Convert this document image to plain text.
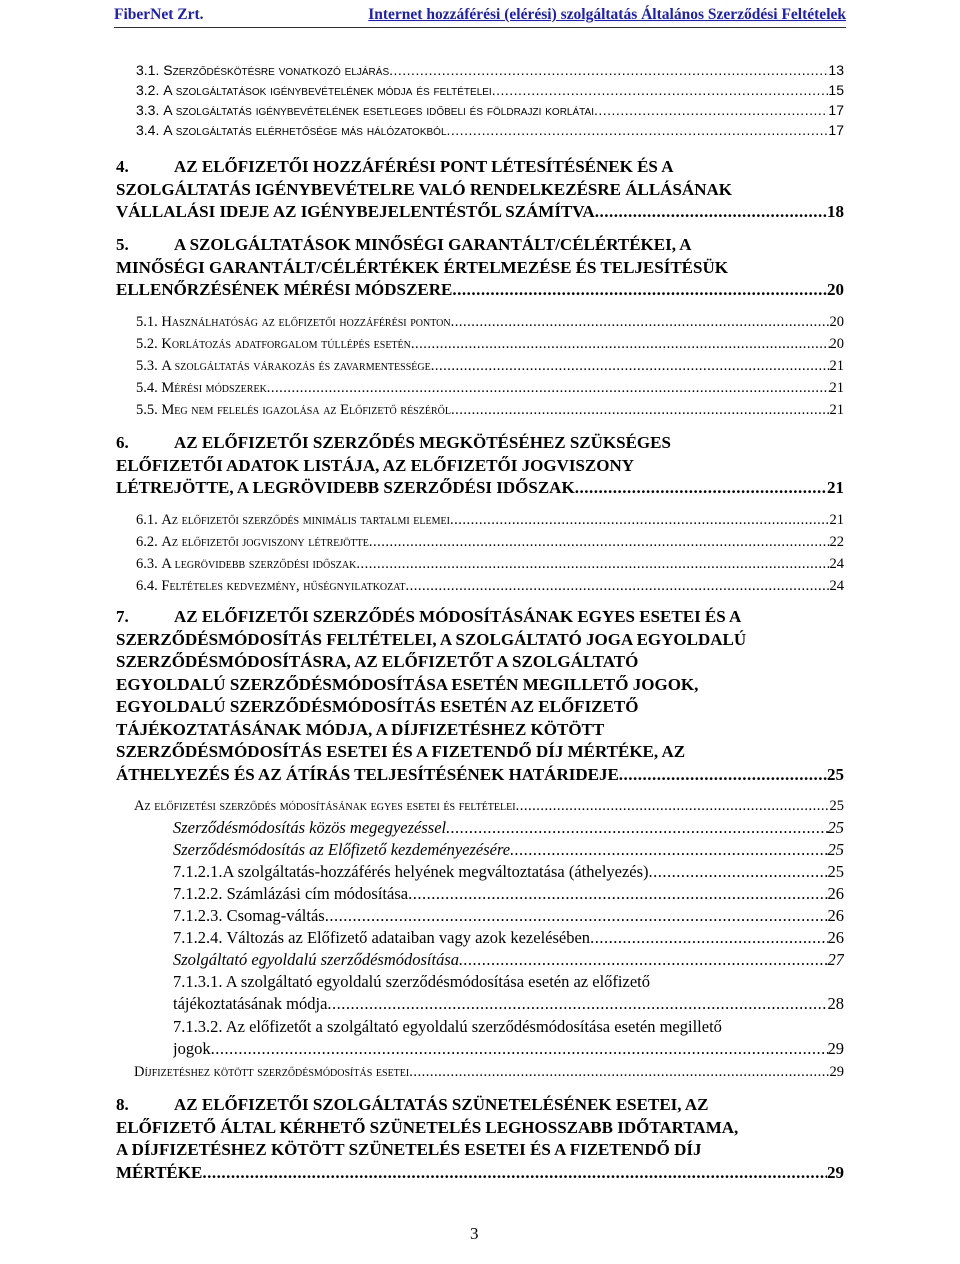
FiberNet Zrt.	Internet hozzáférési (elérési) szolgáltatás Általános Szerződési Feltételek
3.1.
Szerződéskötésre vonatkozó eljárás .....	13
3.2.
A szolgáltatások igénybevételének módja és feltételei .....	15
3.3.
A szolgáltatás igénybevételének esetleges időbeli és földrajzi korlátai .....	17
3.4.
A szolgáltatás elérhetősége más hálózatokból .....	17
4.	AZ ELŐFIZETŐI HOZZÁFÉRÉSI PONT LÉTESÍTÉSÉNEK ÉS A
SZOLGÁLTATÁS IGÉNYBEVÉTELRE VALÓ RENDELKEZÉSRE ÁLLÁSÁNAK
VÁLLALÁSI IDEJE AZ IGÉNYBEJELENTÉSTŐL SZÁMÍTVA .....	18
5.	A SZOLGÁLTATÁSOK MINŐSÉGI GARANTÁLT/CÉLÉRTÉKEI, A
MINŐSÉGI GARANTÁLT/CÉLÉRTÉKEK ÉRTELMEZÉSE ÉS TELJESÍTÉSÜK
ELLENŐRZÉSÉNEK MÉRÉSI MÓDSZERE .....	20
5.1.
Használhatóság az előfizetői hozzáférési ponton .....	20
5.2.
Korlátozás adatforgalom túllépés esetén .....	20
5.3.
A szolgáltatás várakozás és zavarmentessége .....	21
5.4.
Mérési módszerek .....	21
5.5.
Meg nem felelés igazolása az Előfizető részéről .....	21
6.	AZ ELŐFIZETŐI SZERZŐDÉS MEGKÖTÉSÉHEZ SZÜKSÉGES
ELŐFIZETŐI ADATOK LISTÁJA, AZ ELŐFIZETŐI JOGVISZONY
LÉTREJÖTTE, A LEGRÖVIDEBB SZERZŐDÉSI IDŐSZAK .....	21
6.1.
Az előfizetői szerződés minimális tartalmi elemei .....	21
6.2.
Az előfizetői jogviszony létrejötte .....	22
6.3.
A legrövidebb szerződési időszak .....	24
6.4.
Feltételes kedvezmény, hűségnyilatkozat .....	24
7.	AZ ELŐFIZETŐI SZERZŐDÉS MÓDOSÍTÁSÁNAK EGYES ESETEI ÉS A
SZERZŐDÉSMÓDOSÍTÁS FELTÉTELEI, A SZOLGÁLTATÓ JOGA EGYOLDALÚ
SZERZŐDÉSMÓDOSÍTÁSRA, AZ ELŐFIZETŐT A SZOLGÁLTATÓ
EGYOLDALÚ SZERZŐDÉSMÓDOSÍTÁSA ESETÉN MEGILLETŐ JOGOK,
EGYOLDALÚ SZERZŐDÉSMÓDOSÍTÁS ESETÉN AZ ELŐFIZETŐ
TÁJÉKOZTATÁSÁNAK MÓDJA, A DÍJFIZETÉSHEZ KÖTÖTT
SZERZŐDÉSMÓDOSÍTÁS ESETEI ÉS A FIZETENDŐ DÍJ MÉRTÉKE, AZ
ÁTHELYEZÉS ÉS AZ ÁTÍRÁS TELJESÍTÉSÉNEK HATÁRIDEJE .....	25
Az előfizetési szerződés módosításának egyes esetei és feltételei .....	25
Szerződésmódosítás közös megegyezéssel .....	25
Szerződésmódosítás az Előfizető kezdeményezésére .....	25
7.1.2.1.A szolgáltatás-hozzáférés helyének megváltoztatása (áthelyezés) .....	25
7.1.2.2. Számlázási cím módosítása .....	26
7.1.2.3. Csomag-váltás .....	26
7.1.2.4. Változás az Előfizető adataiban vagy azok kezelésében .....	26
Szolgáltató egyoldalú szerződésmódosítása .....	27
7.1.3.1. A szolgáltató egyoldalú szerződésmódosítása esetén az előfizető
tájékoztatásának módja .....	28
7.1.3.2. Az előfizetőt a szolgáltató egyoldalú szerződésmódosítása esetén megillető
jogok .....	29
Díjfizetéshez kötött szerződésmódosítás esetei .....	29
8.	AZ ELŐFIZETŐI SZOLGÁLTATÁS SZÜNETELÉSÉNEK ESETEI, AZ
ELŐFIZETŐ ÁLTAL KÉRHETŐ SZÜNETELÉS LEGHOSSZABB IDŐTARTAMA,
A DÍJFIZETÉSHEZ KÖTÖTT SZÜNETELÉS ESETEI ÉS A FIZETENDŐ DÍJ
MÉRTÉKE .....	29
3
